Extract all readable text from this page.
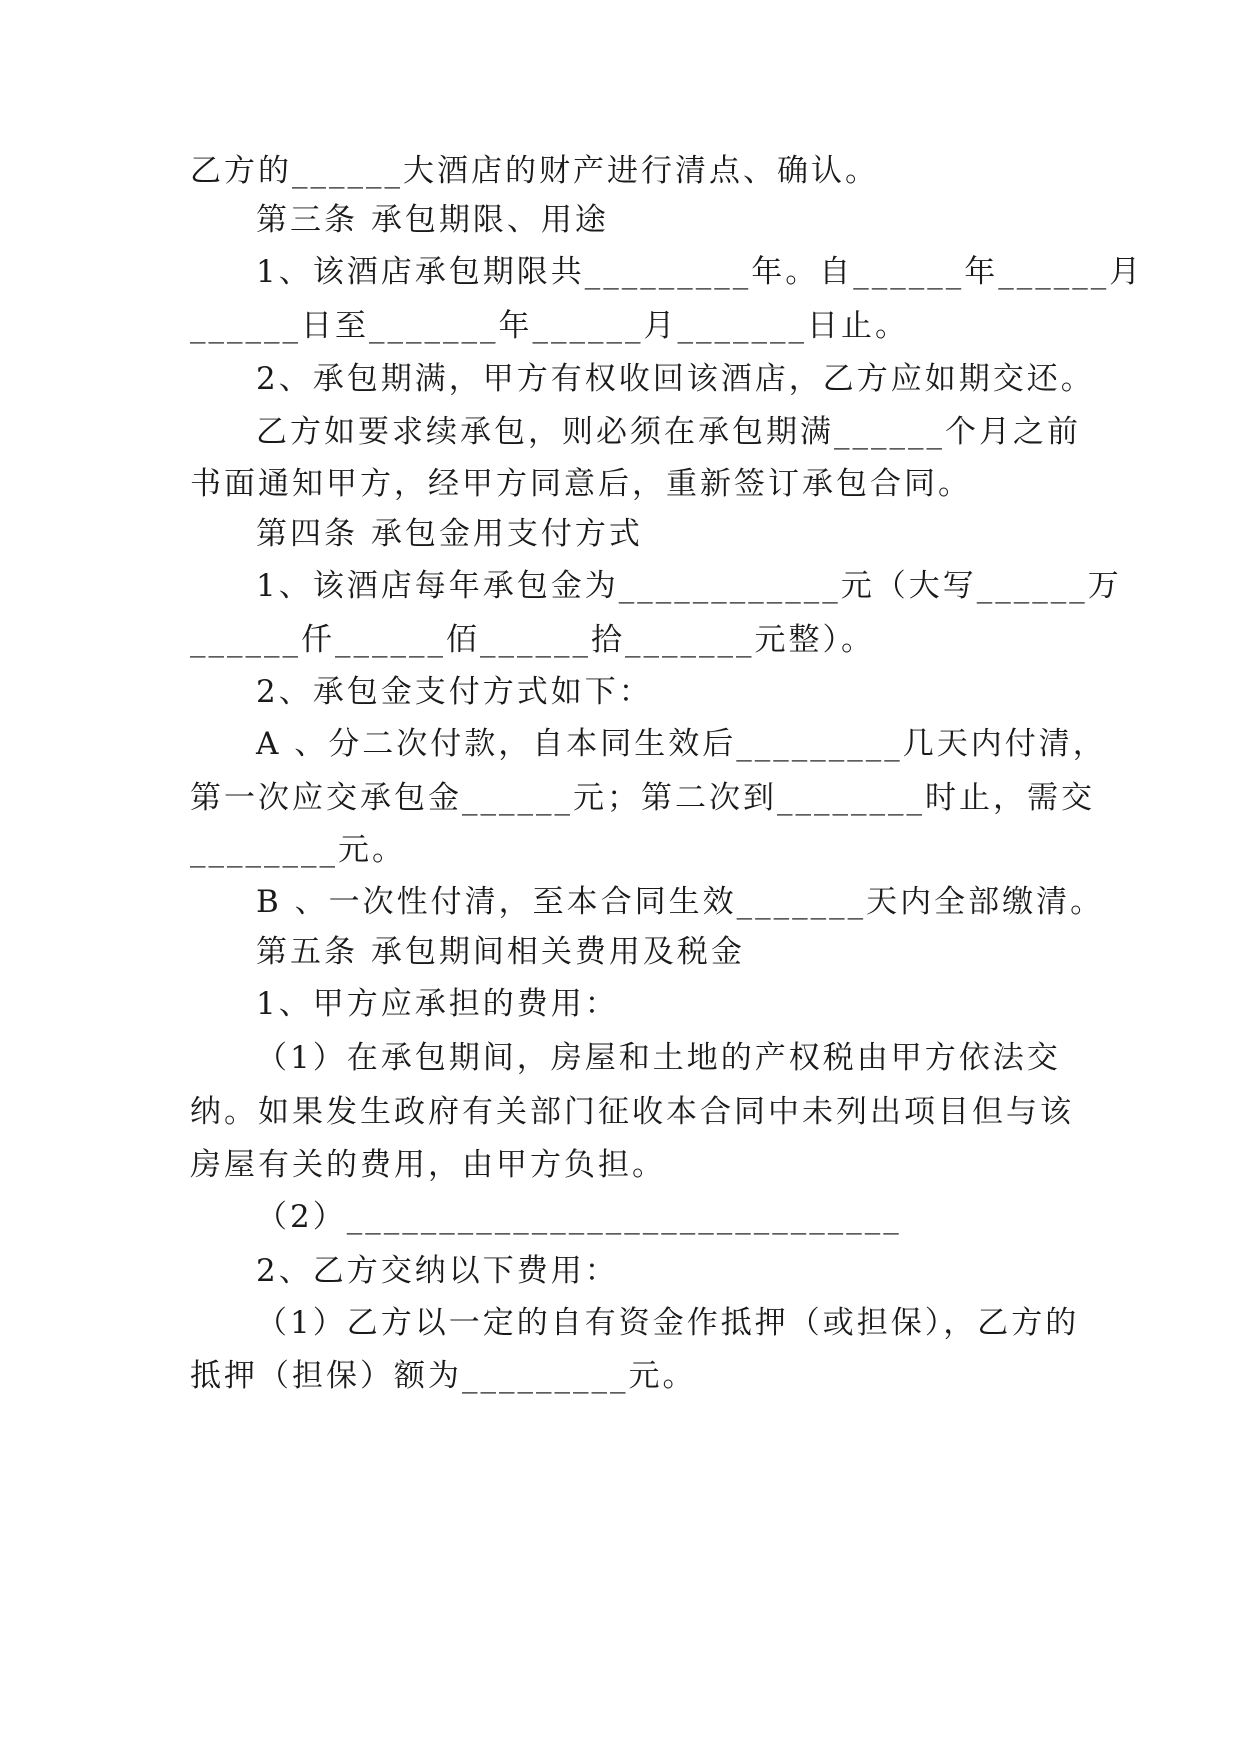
乙方的______大酒店的财产进行清点、确认。
第三条 承包期限、用途
1、该酒店承包期限共_________年。自______年______月
______日至_______年______月_______日止。
2、承包期满，甲方有权收回该酒店，乙方应如期交还。
乙方如要求续承包，则必须在承包期满______个月之前
书面通知甲方，经甲方同意后，重新签订承包合同。
第四条 承包金用支付方式
1、该酒店每年承包金为____________元（大写______万
______仟______佰______拾_______元整）。
2、承包金支付方式如下：
A 、分二次付款，自本同生效后_________几天内付清，
第一次应交承包金______元；第二次到________时止，需交
________元。
B 、一次性付清，至本合同生效_______天内全部缴清。
第五条 承包期间相关费用及税金
1、甲方应承担的费用：
（1）在承包期间，房屋和土地的产权税由甲方依法交
纳。如果发生政府有关部门征收本合同中未列出项目但与该
房屋有关的费用，由甲方负担。
（2）______________________________
2、乙方交纳以下费用：
（1）乙方以一定的自有资金作抵押（或担保），乙方的
抵押（担保）额为_________元。
